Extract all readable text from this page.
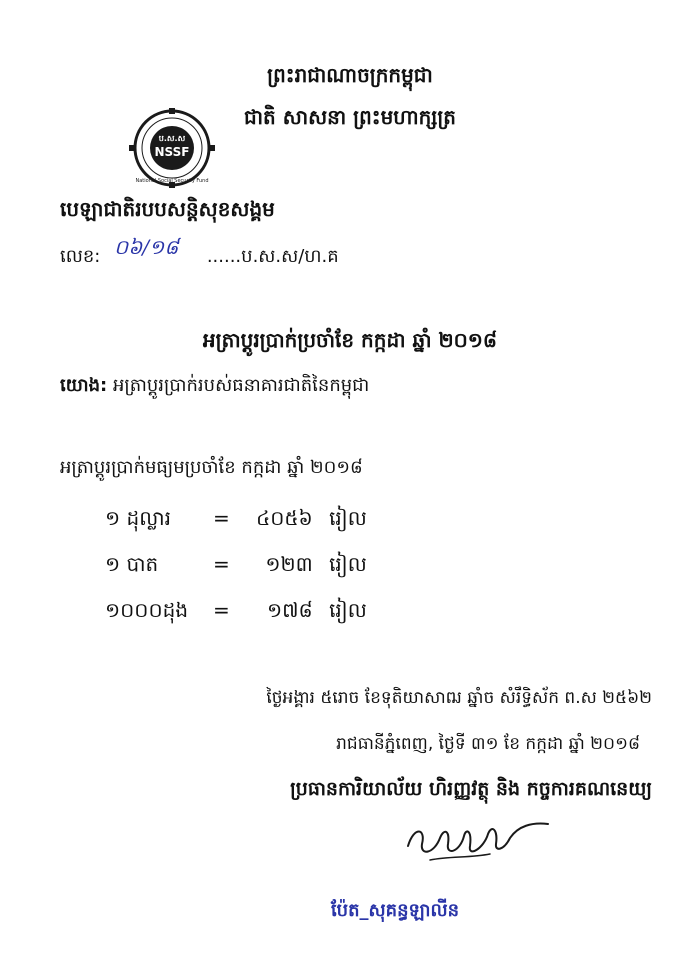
ព្រះរាជាណាចក្រកម្ពុជា
ជាតិ សាសនា ព្រះមហាក្សត្រ
ប.ស.ស
NSSF
National Social Security Fund
បេឡាជាតិរបបសន្តិសុខសង្គម
លេខ: ០៦/១៨	......ប.ស.ស/ហ.គ
អត្រាប្តូរប្រាក់ប្រចាំខែ កក្កដា ឆ្នាំ ២០១៨
យោង: អត្រាប្តូរប្រាក់របស់ធនាគារជាតិនៃកម្ពុជា
អត្រាប្តូរប្រាក់មធ្យមប្រចាំខែ កក្កដា ឆ្នាំ ២០១៨
១ ដុល្លារ = ៤០៥៦ រៀល
១ បាត	= ១២៣ រៀល
១០០០ដុង = ១៧៨ រៀល
ថ្ងៃអង្គារ ៥រោច ខែទុតិយាសាឍ ឆ្នាំច សំរឹទ្ធិស័ក ព.ស ២៥៦២
រាជធានីភ្នំពេញ, ថ្ងៃទី ៣១ ខែ កក្កដា ឆ្នាំ ២០១៨
ប្រធានការិយាល័យ ហិរញ្ញវត្ថុ និង កច្ចការគណនេយ្យ
ប៉ែត_សុគន្ធឡាលីន
